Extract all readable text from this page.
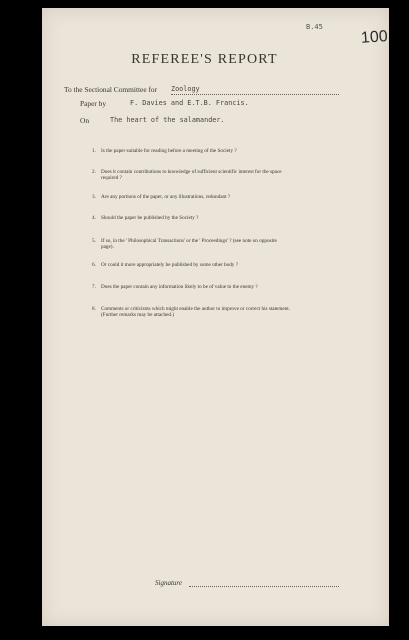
B.45
100
REFEREE'S REPORT
To the Sectional Committee for Zoology
Paper by	F. Davies and E.T.B. Francis.
On	The heart of the salamander.
1. Is the paper suitable for reading before a meeting of the Society ?
2. Does it contain contributions to knowledge of sufficient scientific interest for the space
required ?
3. Are any portions of the paper, or any illustrations, redundant ?
4. Should the paper be published by the Society ?
5. If so, in the ' Philosophical Transactions' or the ' Proceedings' ? (see note on opposite
page).
6. Or could it more appropriately be published by some other body ?
7. Does the paper contain any information likely to be of value to the enemy ?
8. Comments or criticisms which might enable the author to improve or correct his statement.
(Further remarks may be attached.)
Signature
